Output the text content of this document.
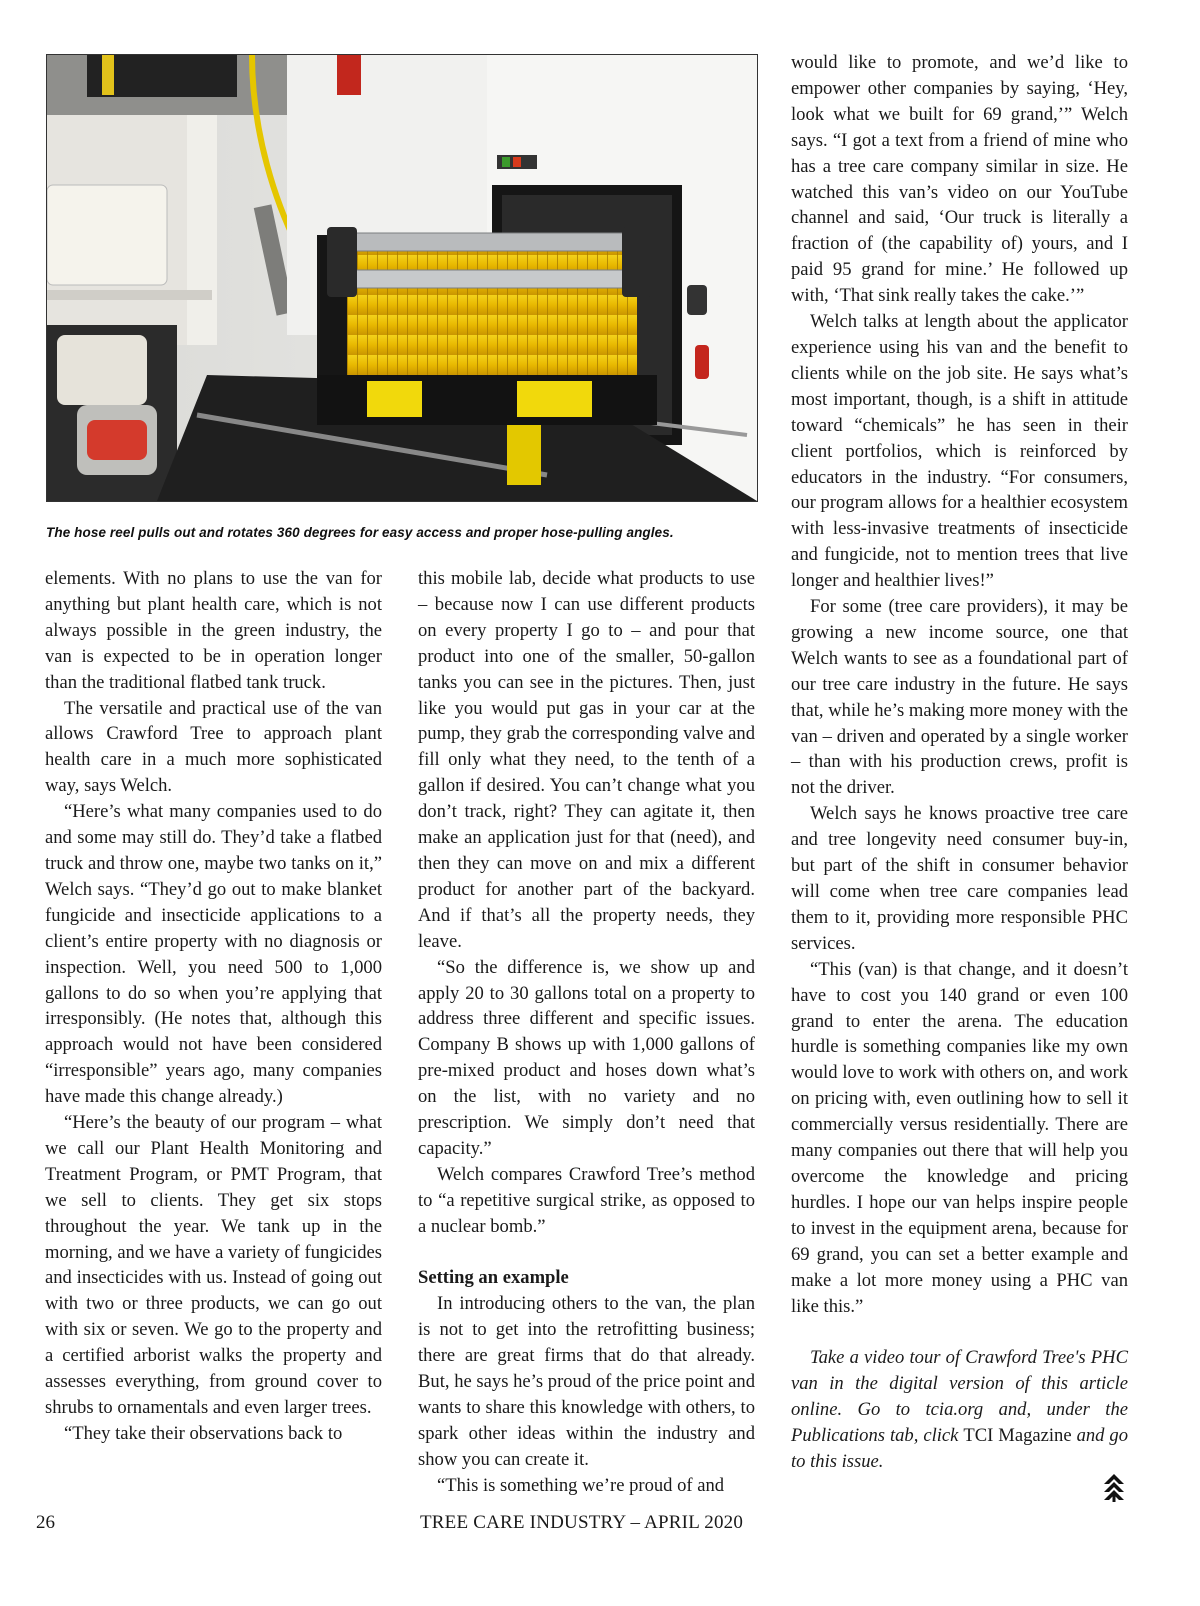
The hose reel pulls out and rotates 360 degrees for easy access and proper hose-pulling angles.

elements. With no plans to use the van for anything but plant health care, which is not always possible in the green industry, the van is expected to be in operation longer than the traditional flatbed tank truck.

The versatile and practical use of the van allows Crawford Tree to approach plant health care in a much more sophisticated way, says Welch.

“Here’s what many companies used to do and some may still do. They’d take a flatbed truck and throw one, maybe two tanks on it,” Welch says. “They’d go out to make blanket fungicide and insecticide applications to a client’s entire property with no diagnosis or inspection. Well, you need 500 to 1,000 gallons to do so when you’re applying that irresponsibly. (He notes that, although this approach would not have been considered “irresponsible” years ago, many companies have made this change already.)

“Here’s the beauty of our program – what we call our Plant Health Monitoring and Treatment Program, or PMT Program, that we sell to clients. They get six stops throughout the year. We tank up in the morning, and we have a variety of fungicides and insecticides with us. Instead of going out with two or three products, we can go out with six or seven. We go to the property and a certified arborist walks the property and assesses everything, from ground cover to shrubs to ornamentals and even larger trees.

“They take their observations back to

this mobile lab, decide what products to use – because now I can use different products on every property I go to – and pour that product into one of the smaller, 50-gallon tanks you can see in the pictures. Then, just like you would put gas in your car at the pump, they grab the corresponding valve and fill only what they need, to the tenth of a gallon if desired. You can’t change what you don’t track, right? They can agitate it, then make an application just for that (need), and then they can move on and mix a different product for another part of the backyard. And if that’s all the property needs, they leave.

“So the difference is, we show up and apply 20 to 30 gallons total on a property to address three different and specific issues. Company B shows up with 1,000 gallons of pre-mixed product and hoses down what’s on the list, with no variety and no prescription. We simply don’t need that capacity.”

Welch compares Crawford Tree’s method to “a repetitive surgical strike, as opposed to a nuclear bomb.”

Setting an example

In introducing others to the van, the plan is not to get into the retrofitting business; there are great firms that do that already. But, he says he’s proud of the price point and wants to share this knowledge with others, to spark other ideas within the industry and show you can create it.

“This is something we’re proud of and

would like to promote, and we’d like to empower other companies by saying, ‘Hey, look what we built for 69 grand,’” Welch says. “I got a text from a friend of mine who has a tree care company similar in size. He watched this van’s video on our YouTube channel and said, ‘Our truck is literally a fraction of (the capability of) yours, and I paid 95 grand for mine.’ He followed up with, ‘That sink really takes the cake.’”

Welch talks at length about the applicator experience using his van and the benefit to clients while on the job site. He says what’s most important, though, is a shift in attitude toward “chemicals” he has seen in their client portfolios, which is reinforced by educators in the industry. “For consumers, our program allows for a healthier ecosystem with less-invasive treatments of insecticide and fungicide, not to mention trees that live longer and healthier lives!”

For some (tree care providers), it may be growing a new income source, one that Welch wants to see as a foundational part of our tree care industry in the future. He says that, while he’s making more money with the van – driven and operated by a single worker – than with his production crews, profit is not the driver.

Welch says he knows proactive tree care and tree longevity need consumer buy-in, but part of the shift in consumer behavior will come when tree care companies lead them to it, providing more responsible PHC services.

“This (van) is that change, and it doesn’t have to cost you 140 grand or even 100 grand to enter the arena. The education hurdle is something companies like my own would love to work with others on, and work on pricing with, even outlining how to sell it commercially versus residentially. There are many companies out there that will help you overcome the knowledge and pricing hurdles. I hope our van helps inspire people to invest in the equipment arena, because for 69 grand, you can set a better example and make a lot more money using a PHC van like this.”

Take a video tour of Crawford Tree's PHC van in the digital version of this article online. Go to tcia.org and, under the Publications tab, click TCI Magazine and go to this issue.

26	TREE CARE INDUSTRY – APRIL 2020
